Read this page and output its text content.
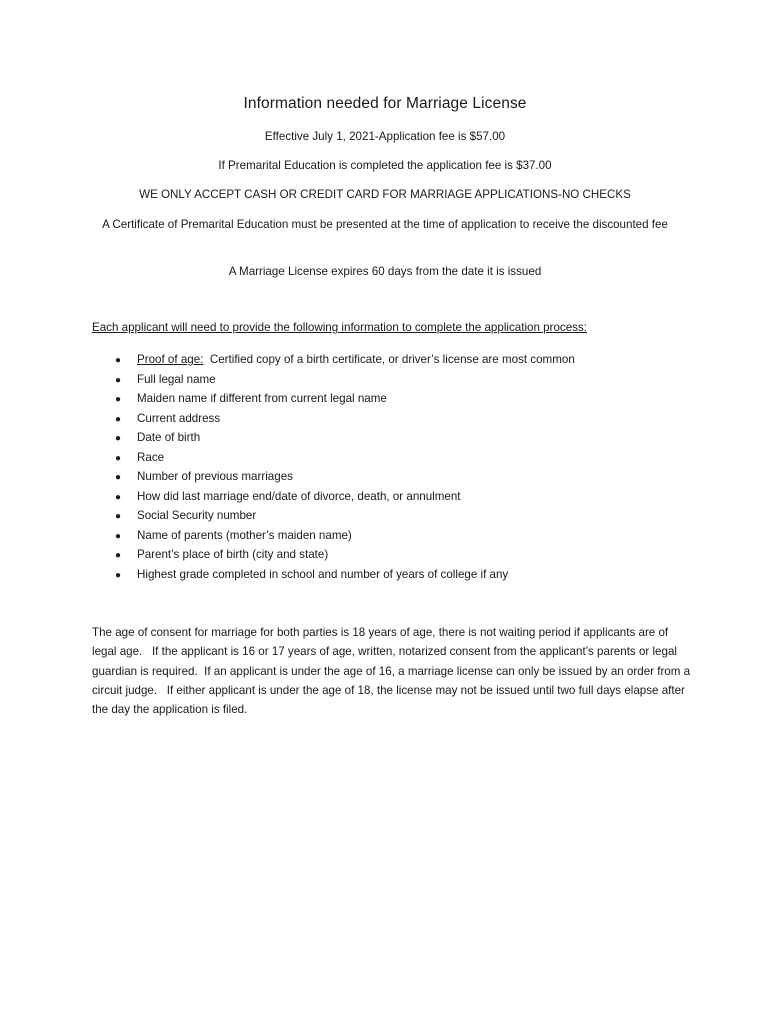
Information needed for Marriage License
Effective July 1, 2021-Application fee is $57.00
If Premarital Education is completed the application fee is $37.00
WE ONLY ACCEPT CASH OR CREDIT CARD FOR MARRIAGE APPLICATIONS-NO CHECKS
A Certificate of Premarital Education must be presented at the time of application to receive the discounted fee
A Marriage License expires 60 days from the date it is issued
Each applicant will need to provide the following information to complete the application process:
● Proof of age:  Certified copy of a birth certificate, or driver’s license are most common
● Full legal name
● Maiden name if different from current legal name
● Current address
● Date of birth
● Race
● Number of previous marriages
● How did last marriage end/date of divorce, death, or annulment
● Social Security number
● Name of parents (mother’s maiden name)
● Parent’s place of birth (city and state)
● Highest grade completed in school and number of years of college if any
The age of consent for marriage for both parties is 18 years of age, there is not waiting period if applicants are of legal age.   If the applicant is 16 or 17 years of age, written, notarized consent from the applicant’s parents or legal guardian is required.  If an applicant is under the age of 16, a marriage license can only be issued by an order from a circuit judge.   If either applicant is under the age of 18, the license may not be issued until two full days elapse after the day the application is filed.
